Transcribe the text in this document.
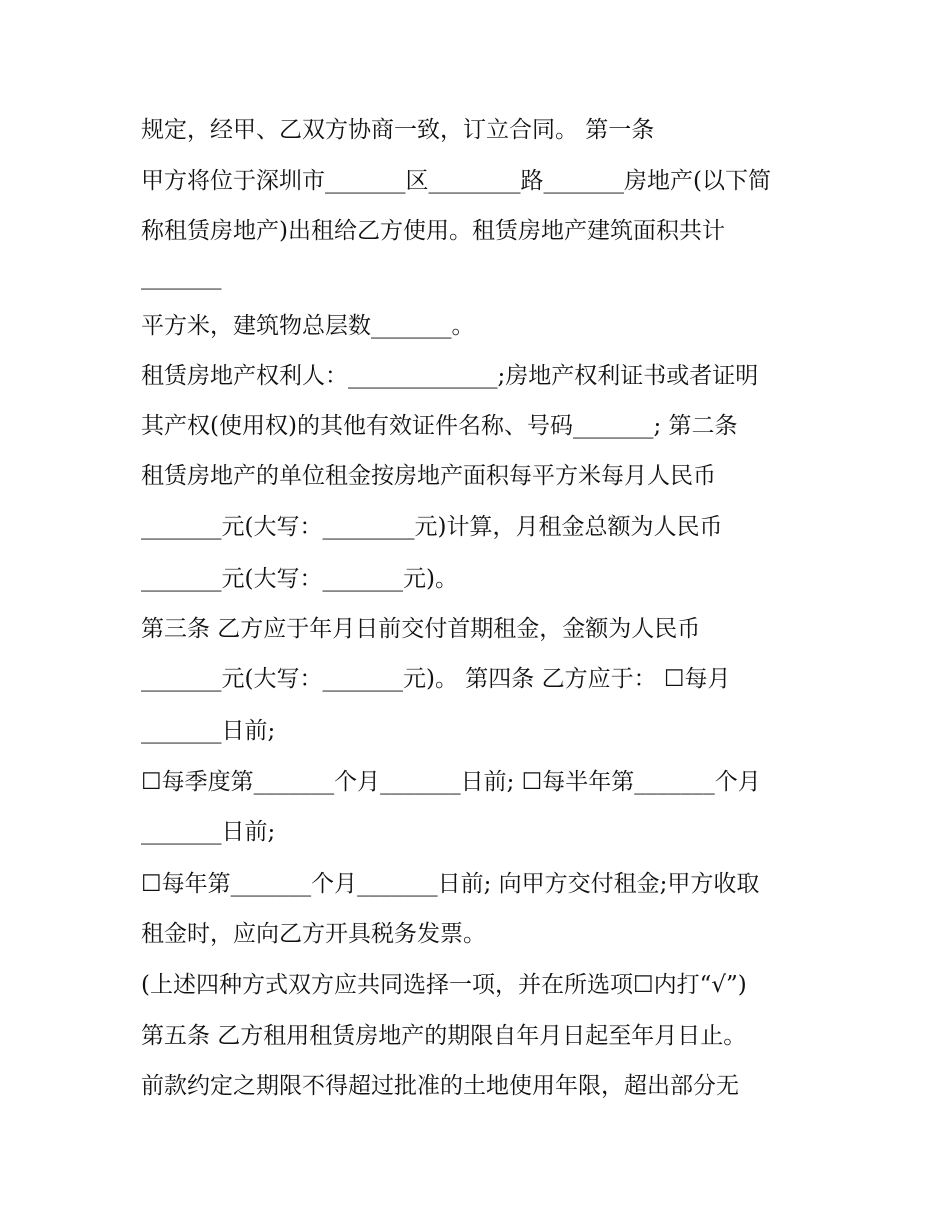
规定，经甲、乙双方协商一致，订立合同。 第一条
甲方将位于深圳市_______区________路_______房地产(以下简
称租赁房地产)出租给乙方使用。租赁房地产建筑面积共计
_______
平方米，建筑物总层数_______。
租赁房地产权利人：_____________;房地产权利证书或者证明
其产权(使用权)的其他有效证件名称、号码_______; 第二条
租赁房地产的单位租金按房地产面积每平方米每月人民币
_______元(大写：________元)计算，月租金总额为人民币
_______元(大写：_______元)。
第三条 乙方应于年月日前交付首期租金，金额为人民币
_______元(大写：_______元)。 第四条 乙方应于： ☐每月
_______日前;
☐每季度第_______个月_______日前; ☐每半年第_______个月
_______日前;
☐每年第_______个月_______日前; 向甲方交付租金;甲方收取
租金时，应向乙方开具税务发票。
(上述四种方式双方应共同选择一项，并在所选项☐内打“√”)
第五条 乙方租用租赁房地产的期限自年月日起至年月日止。
前款约定之期限不得超过批准的土地使用年限，超出部分无
